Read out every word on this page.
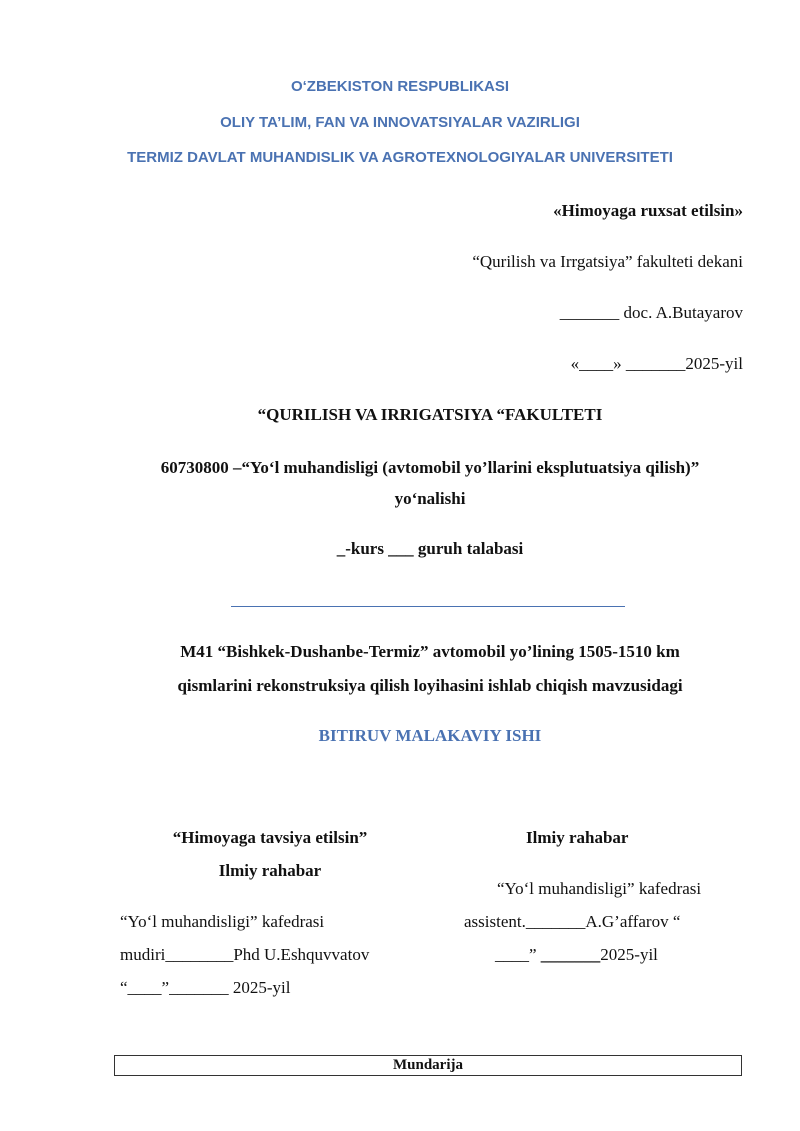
O‘ZBEKISTON RESPUBLIKASI
OLIY TA’LIM, FAN VA INNOVATSIYALAR VAZIRLIGI
TERMIZ DAVLAT MUHANDISLIK VA AGROTEXNOLOGIYALAR UNIVERSITETI
«Himoyaga ruxsat etilsin»
“Qurilish va Irrgatsiya” fakulteti dekani
_______ doc. A.Butayarov
«____» _______2025-yil
“QURILISH VA IRRIGATSIYA “FAKULTETI
60730800 –“Yo‘l muhandisligi (avtomobil yo’llarini eksplutuatsiya qilish)”
yo‘nalishi
_-kurs ___ guruh talabasi
M41 “Bishkek-Dushanbe-Termiz” avtomobil yo’lining 1505-1510 km
qismlarini rekonstruksiya qilish loyihasini ishlab chiqish mavzusidagi
BITIRUV MALAKAVIY ISHI
“Himoyaga tavsiya etilsin”
Ilmiy rahabar
“Yo‘l muhandisligi” kafedrasi
mudiri________Phd U.Eshquvvatov
“____”_______ 2025-yil
Ilmiy rahabar
“Yo‘l muhandisligi” kafedrasi
assistent._______A.G’affarov “
____” _______2025-yil
Mundarija
